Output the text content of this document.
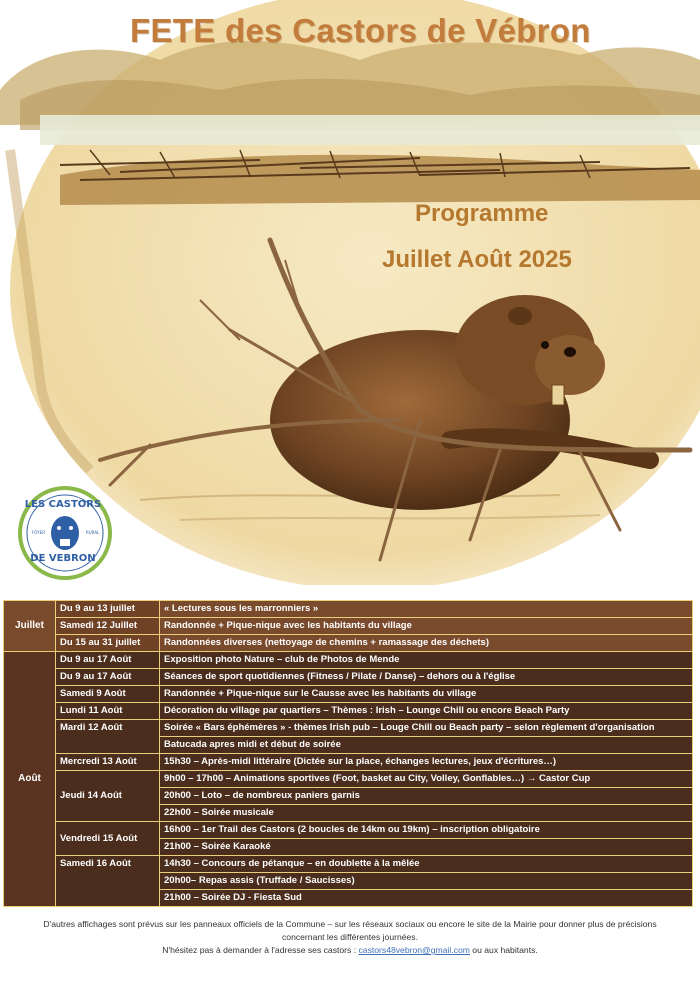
FETE des Castors de Vébron
Programme
Juillet Août 2025
LES CASTORS
DE VEBRON
FOYER	RURAL
Juillet	Du 9 au 13 juillet	« Lectures sous les marronniers »
	Samedi 12 Juillet	Randonnée + Pique-nique avec les habitants du village
	Du 15 au 31 juillet	Randonnées diverses (nettoyage de chemins + ramassage des déchets)
Août	Du 9 au 17 Août	Exposition photo Nature – club de Photos de Mende
	Du 9 au 17 Août	Séances de sport quotidiennes (Fitness / Pilate / Danse) – dehors ou à l'église
	Samedi 9 Août	Randonnée + Pique-nique sur le Causse avec les habitants du village
	Lundi 11 Août	Décoration du village par quartiers – Thèmes : Irish – Lounge Chill ou encore Beach Party
	Mardi 12 Août	Soirée « Bars éphémères » - thèmes Irish pub – Louge Chill ou Beach party – selon règlement d'organisation
		Batucada apres midi et début de soirée
	Mercredi 13 Août	15h30 – Après-midi littéraire (Dictée sur la place, échanges lectures, jeux d'écritures…)
	Jeudi 14 Août	9h00 – 17h00 – Animations sportives (Foot, basket au City, Volley, Gonflables…) → Castor Cup
		20h00 – Loto – de nombreux paniers garnis
		22h00 – Soirée musicale
	Vendredi 15 Août	16h00 – 1er Trail des Castors (2 boucles de 14km ou 19km) – inscription obligatoire
		21h00 – Soirée Karaoké
	Samedi 16 Août	14h30 – Concours de pétanque – en doublette à la mêlée
		20h00– Repas assis (Truffade / Saucisses)
		21h00 – Soirée DJ - Fiesta Sud
D'autres affichages sont prévus sur les panneaux officiels de la Commune – sur les réseaux sociaux ou encore le site de la Mairie pour donner plus de précisions
concernant les différentes journées.
N'hésitez pas à demander à l'adresse ses castors : castors48vebron@gmail.com ou aux habitants.
